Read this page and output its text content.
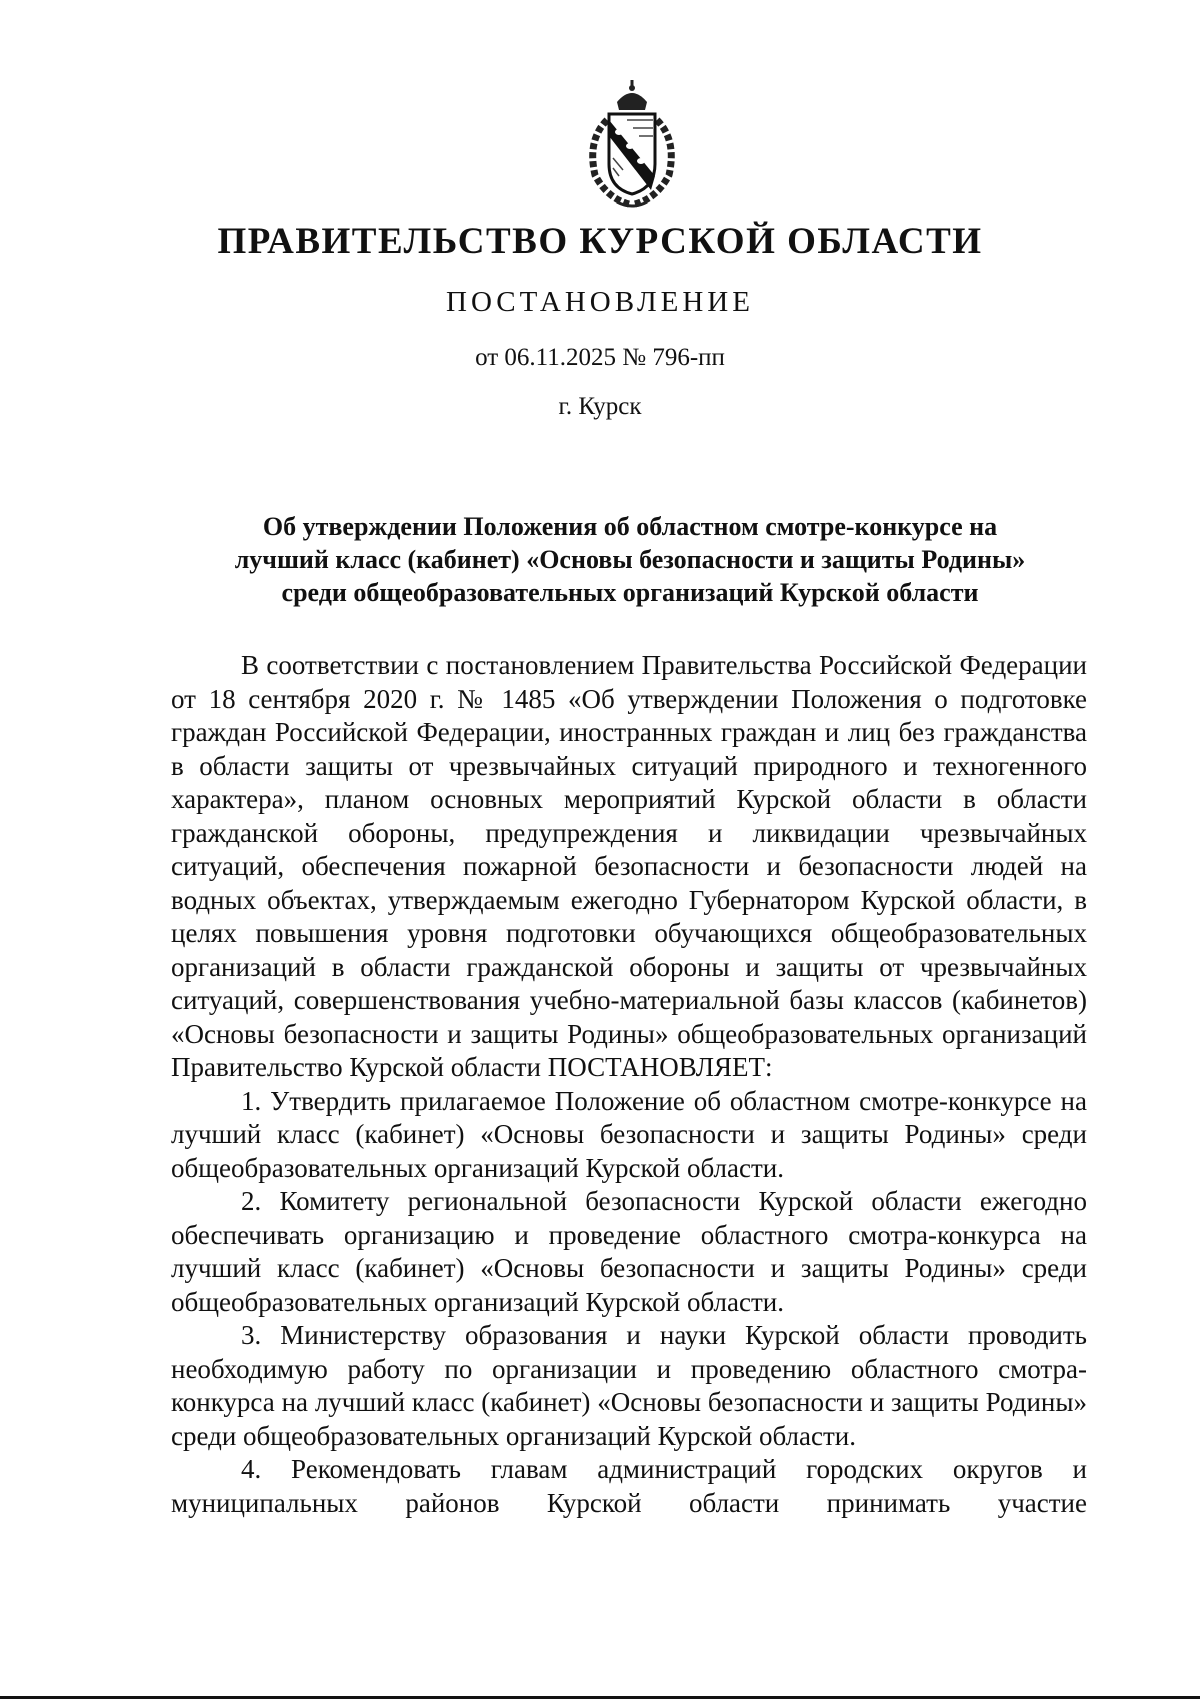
ПРАВИТЕЛЬСТВО КУРСКОЙ ОБЛАСТИ
ПОСТАНОВЛЕНИЕ
от 06.11.2025 № 796-пп
г. Курск
Об утверждении Положения об областном смотре-конкурсе на
лучший класс (кабинет) «Основы безопасности и защиты Родины»
среди общеобразовательных организаций Курской области

В соответствии с постановлением Правительства Российской Федерации от 18 сентября 2020 г. № 1485 «Об утверждении Положения о подготовке граждан Российской Федерации, иностранных граждан и лиц без гражданства в области защиты от чрезвычайных ситуаций природного и техногенного характера», планом основных мероприятий Курской области в области гражданской обороны, предупреждения и ликвидации чрезвычайных ситуаций, обеспечения пожарной безопасности и безопасности людей на водных объектах, утверждаемым ежегодно Губернатором Курской области, в целях повышения уровня подготовки обучающихся общеобразовательных организаций в области гражданской обороны и защиты от чрезвычайных ситуаций, совершенствования учебно-материальной базы классов (кабинетов) «Основы безопасности и защиты Родины» общеобразовательных организаций Правительство Курской области ПОСТАНОВЛЯЕТ:

1. Утвердить прилагаемое Положение об областном смотре-конкурсе на лучший класс (кабинет) «Основы безопасности и защиты Родины» среди общеобразовательных организаций Курской области.

2. Комитету региональной безопасности Курской области ежегодно обеспечивать организацию и проведение областного смотра-конкурса на лучший класс (кабинет) «Основы безопасности и защиты Родины» среди общеобразовательных организаций Курской области.

3. Министерству образования и науки Курской области проводить необходимую работу по организации и проведению областного смотра-конкурса на лучший класс (кабинет) «Основы безопасности и защиты Родины» среди общеобразовательных организаций Курской области.

4. Рекомендовать главам администраций городских округов и муниципальных районов Курской области принимать участие
